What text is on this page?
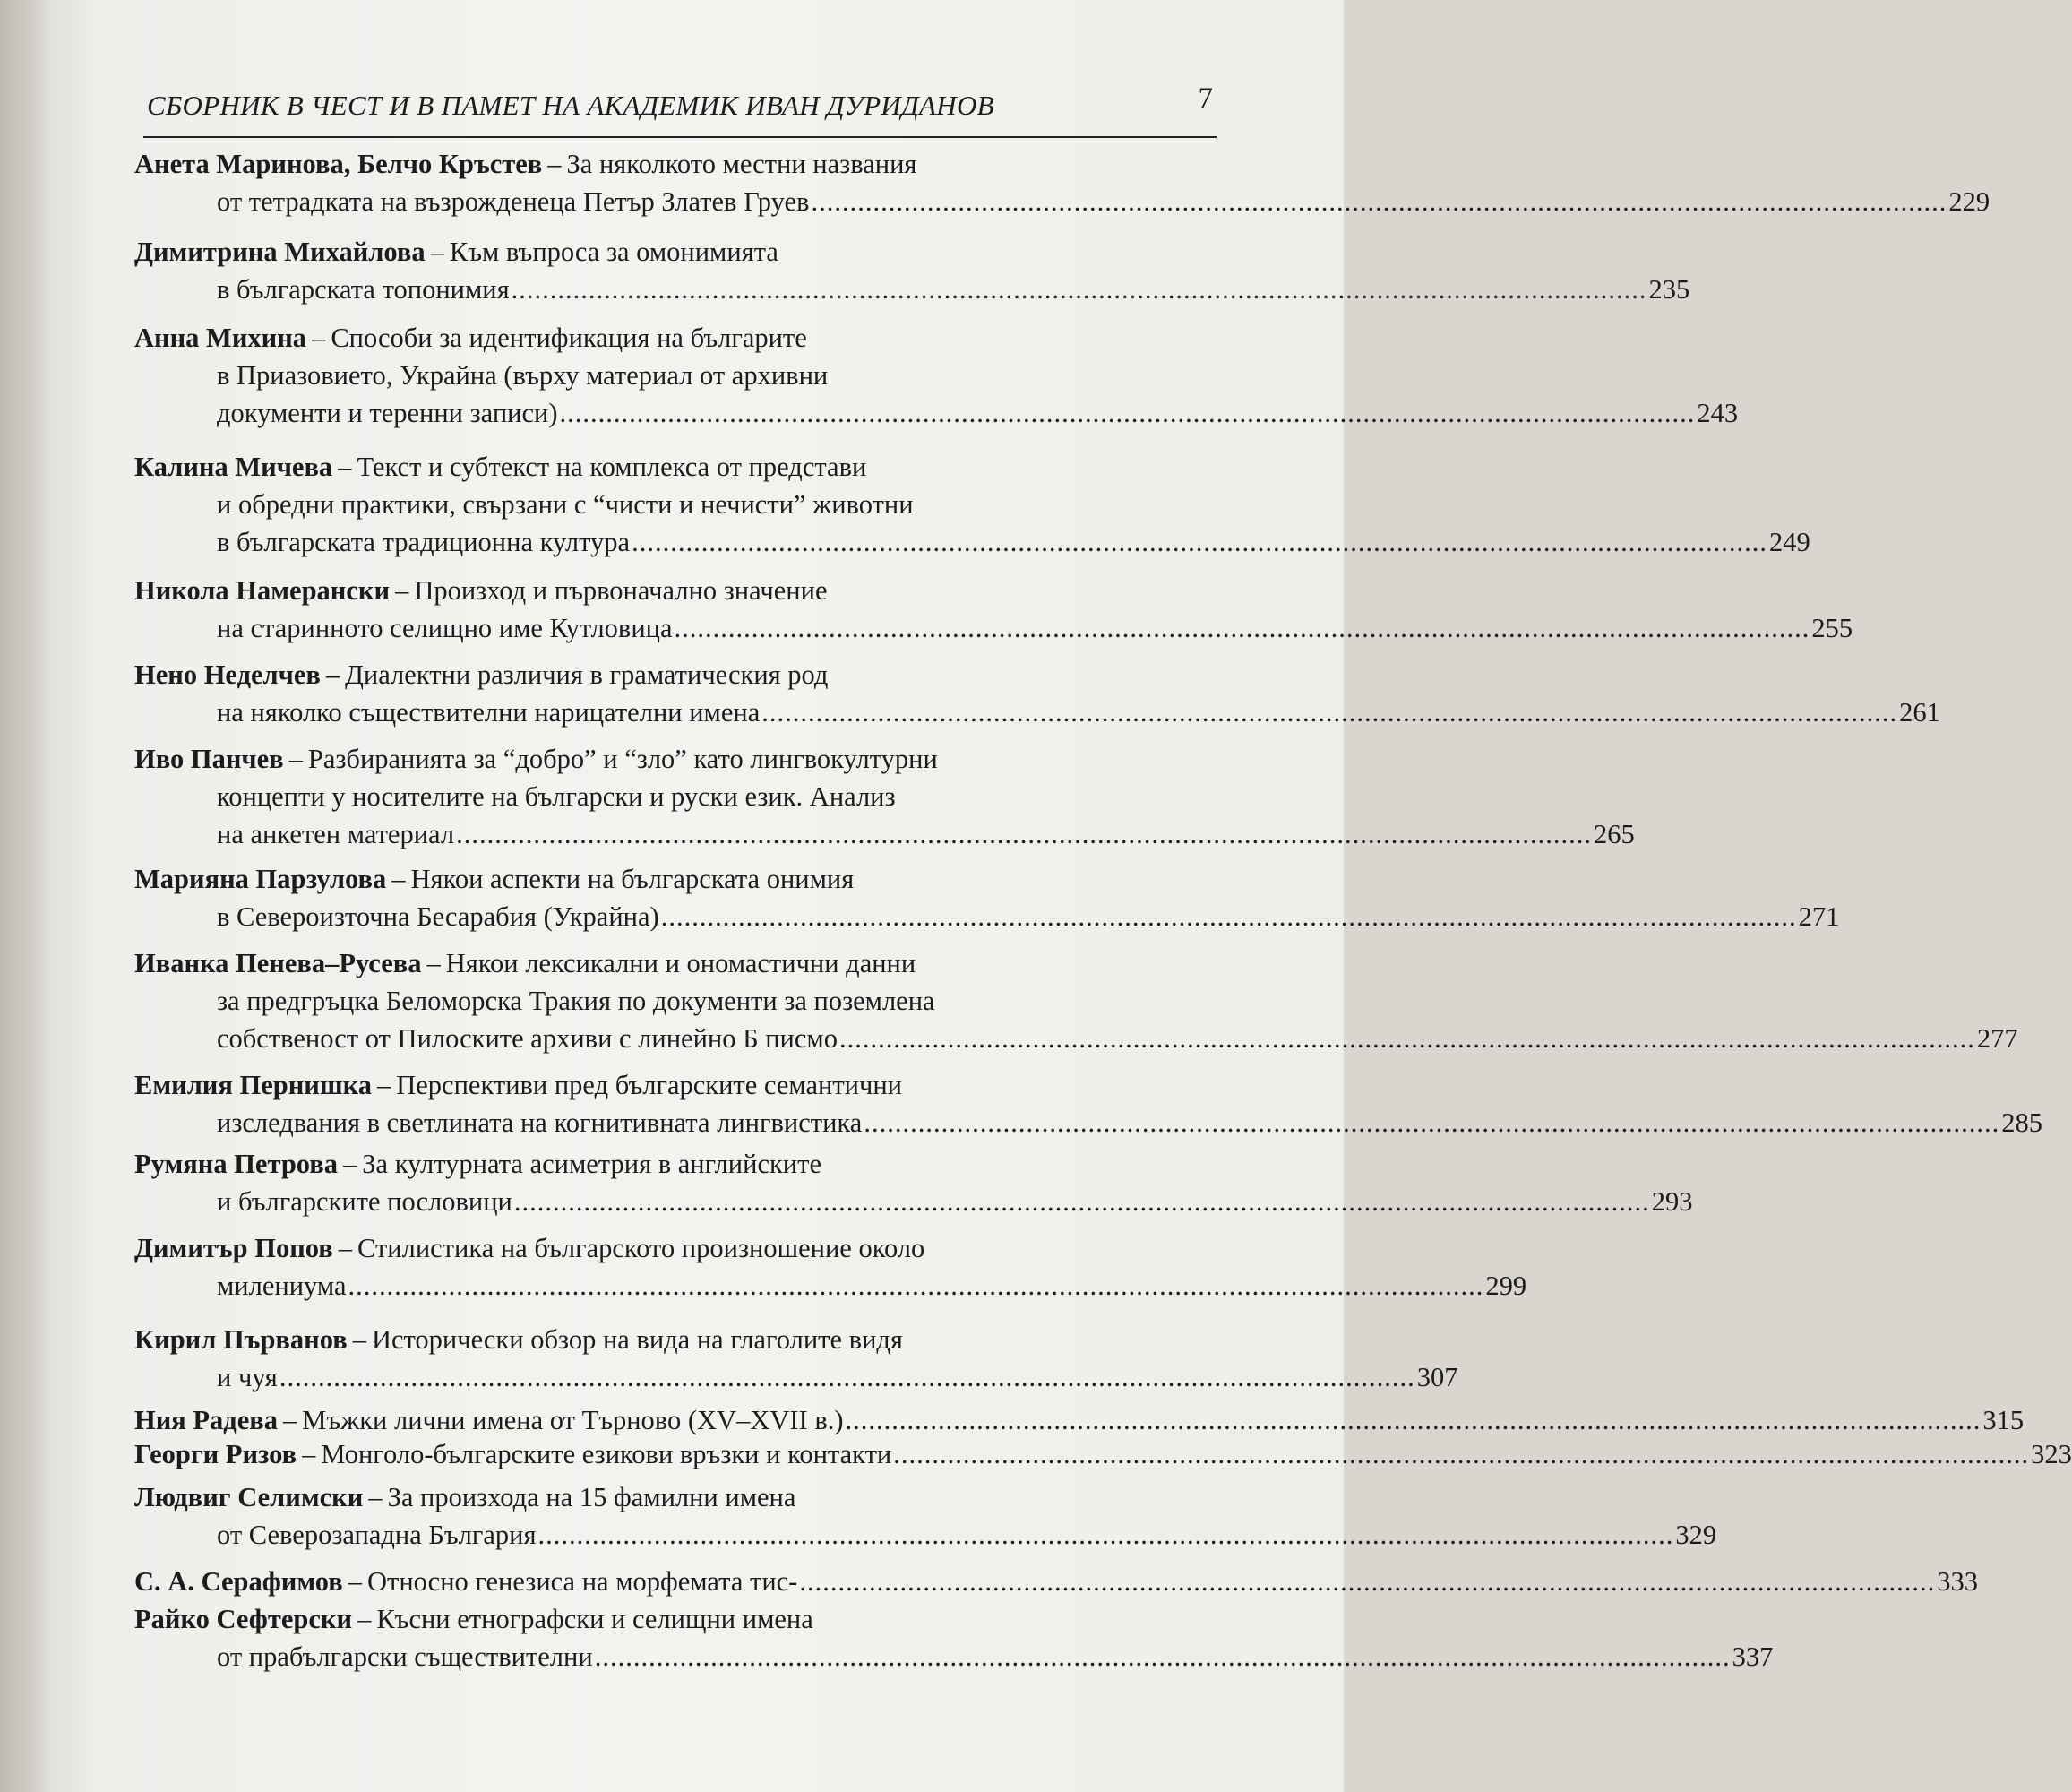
СБОРНИК В ЧЕСТ И В ПАМЕТ НА АКАДЕМИК ИВАН ДУРИДАНОВ	7
Анета Маринова, Белчо Кръстев – За няколкото местни названия
от тетрадката на възрожденеца Петър Златев Груев ................................................................................................................................................... 229
Димитрина Михайлова – Към въпроса за омонимията
в българската топонимия ................................................................................................................................................... 235
Анна Михина – Способи за идентификация на българите
в Приазовието, Украйна (върху материал от архивни
документи и теренни записи) ................................................................................................................................................... 243
Калина Мичева – Текст и субтекст на комплекса от представи
и обредни практики, свързани с “чисти и нечисти” животни
в българската традиционна култура ................................................................................................................................................... 249
Никола Намерански – Произход и първоначално значение
на старинното селищно име Кутловица ................................................................................................................................................... 255
Нено Неделчев – Диалектни различия в граматическия род
на няколко съществителни нарицателни имена ................................................................................................................................................... 261
Иво Панчев – Разбиранията за “добро” и “зло” като лингвокултурни
концепти у носителите на български и руски език. Анализ
на анкетен материал ................................................................................................................................................... 265
Марияна Парзулова – Някои аспекти на българската онимия
в Североизточна Бесарабия (Украйна) ................................................................................................................................................... 271
Иванка Пенева–Русева – Някои лексикални и ономастични данни
за предгръцка Беломорска Тракия по документи за поземлена
собственост от Пилоските архиви с линейно Б писмо ................................................................................................................................................... 277
Емилия Пернишка – Перспективи пред българските семантични
изследвания в светлината на когнитивната лингвистика ................................................................................................................................................... 285
Румяна Петрова – За културната асиметрия в английските
и българските пословици ................................................................................................................................................... 293
Димитър Попов – Стилистика на българското произношение около
милениума ................................................................................................................................................... 299
Кирил Първанов – Исторически обзор на вида на глаголите видя
и чуя ................................................................................................................................................... 307
Ния Радева – Мъжки лични имена от Търново (XV–XVII в.) ................................................................................................................................................... 315
Георги Ризов – Монголо-българските езикови връзки и контакти ................................................................................................................................................... 323
Людвиг Селимски – За произхода на 15 фамилни имена
от Северозападна България ................................................................................................................................................... 329
С. А. Серафимов – Относно генезиса на морфемата тис- ................................................................................................................................................... 333
Райко Сефтерски – Късни етнографски и селищни имена
от прабългарски съществителни ................................................................................................................................................... 337
